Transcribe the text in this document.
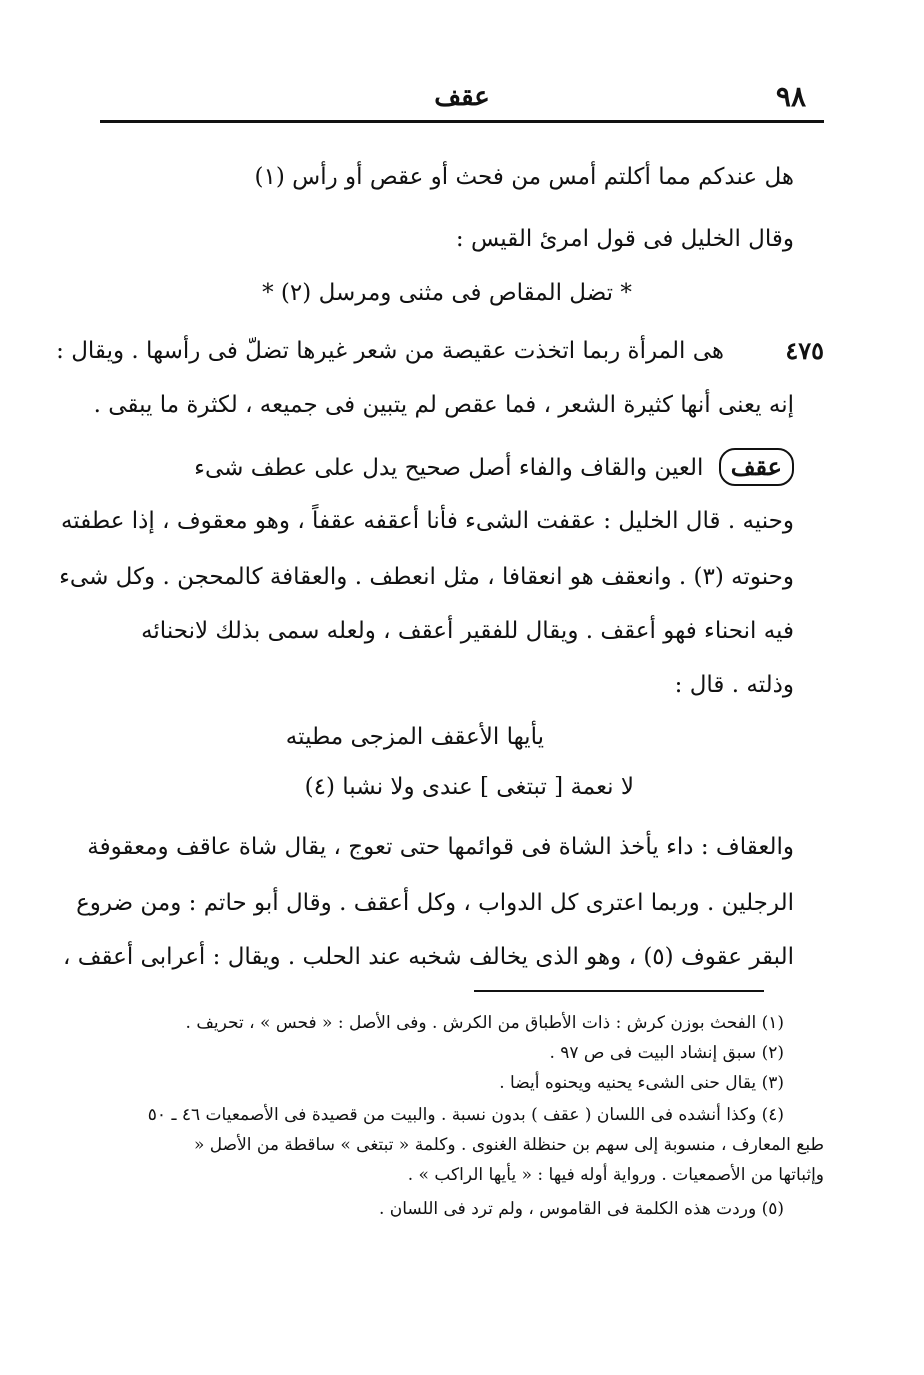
٩٨
عقف
هل عندكم مما أكلتم أمس من فحث أو عقص أو رأس (١)
وقال الخليل فى قول امرئ القيس :
* تضل المقاص فى مثنى ومرسل (٢) *
٤٧٥
هى المرأة ربما اتخذت عقيصة من شعر غيرها تضلّ فى رأسها . ويقال :
إنه يعنى أنها كثيرة الشعر ، فما عقص لم يتبين فى جميعه ، لكثرة ما يبقى .
عقف العين والقاف والفاء أصل صحيح يدل على عطف شىء
وحنيه . قال الخليل : عقفت الشىء فأنا أعقفه عقفاً ، وهو معقوف ، إذا عطفته
وحنوته (٣) . وانعقف هو انعقافا ، مثل انعطف . والعقافة كالمحجن . وكل شىء
فيه انحناء فهو أعقف . ويقال للفقير أعقف ، ولعله سمى بذلك لانحنائه
وذلته . قال :
يأيها الأعقف المزجى مطيته
لا نعمة [ تبتغى ] عندى ولا نشبا (٤)
والعقاف : داء يأخذ الشاة فى قوائمها حتى تعوج ، يقال شاة عاقف ومعقوفة
الرجلين . وربما اعترى كل الدواب ، وكل أعقف . وقال أبو حاتم : ومن ضروع
البقر عقوف (٥) ، وهو الذى يخالف شخبه عند الحلب . ويقال : أعرابى أعقف ،
(١) الفحث بوزن كرش : ذات الأطباق من الكرش . وفى الأصل : « فحس » ، تحريف .
(٢) سبق إنشاد البيت فى ص ٩٧ .
(٣) يقال حنى الشىء يحنيه ويحنوه أيضا .
(٤) وكذا أنشده فى اللسان ( عقف ) بدون نسبة . والبيت من قصيدة فى الأصمعيات ٤٦ ـ ٥٠
طبع المعارف ، منسوبة إلى سهم بن حنظلة الغنوى . وكلمة « تبتغى » ساقطة من الأصل «
وإثباتها من الأصمعيات . ورواية أوله فيها : « يأيها الراكب » .
(٥) وردت هذه الكلمة فى القاموس ، ولم ترد فى اللسان .
